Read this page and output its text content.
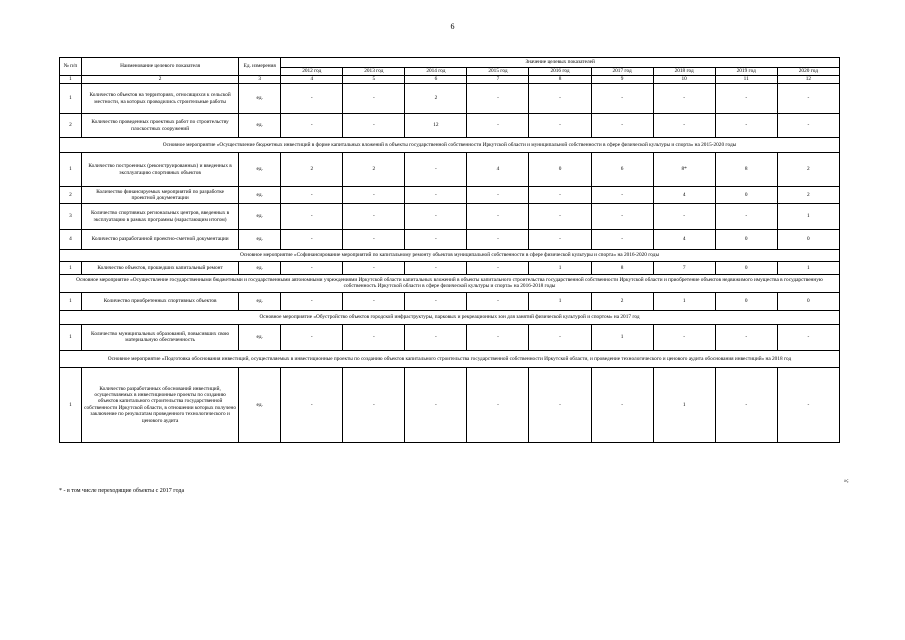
6
№ п/п	Наименование целевого показателя	Ед. измерения	Значение целевых показателей								
			2012 год	2013 год	2014 год	2015 год	2016 год	2017 год	2018 год	2019 год	2020 год
1	2	3	4	5	6	7	8	9	10	11	12
1	Количество объектов на территориях, относящихся к сельской местности, на которых проводились строительные работы	ед.	-	-	2	-	-	-	-	-	-
2	Количество проведенных проектных работ по строительству плоскостных сооружений	ед.	-	-	12	-	-	-	-	-	-
Основное мероприятие «Осуществление бюджетных инвестиций в форме капитальных вложений в объекты государственной собственности Иркутской области и муниципальной собственности в сфере физической культуры и спорта» на 2015-2020 годы											
1	Количество построенных (реконструированных) и введенных в эксплуатацию спортивных объектов	ед.	2	2	-	4	0	6	8*	8	2
2	Количество финансируемых мероприятий по разработке проектной документации	ед.	-	-	-	-	-	-	4	0	2
3	Количество спортивных региональных центров, введенных в эксплуатацию в рамках программы (нарастающим итогом)	ед.	-	-	-	-	-	-	-	-	1
4	Количество разработанной проектно-сметной документации	ед.	-	-	-	-	-	-	4	0	0
Основное мероприятие «Софинансирование мероприятий по капитальному ремонту объектов муниципальной собственности в сфере физической культуры и спорта» на 2016-2020 годы											
1	Количество объектов, прошедших капитальный ремонт	ед.	-	-	-	-	1	8	7	0	1
Основное мероприятие «Осуществление государственными бюджетными и государственными автономными учреждениями Иркутской области капитальных вложений в объекты капитального строительства государственной собственности Иркутской области и приобретение объектов недвижимого имущества в государственную собственность Иркутской области в сфере физической культуры и спорта» на 2016-2018 годы											
1	Количество приобретенных спортивных объектов	ед.	-	-	-	-	1	2	1	0	0
Основное мероприятие «Обустройство объектов городской инфраструктуры, парковых и рекреационных зон для занятий физической культурой и спортом» на 2017 год											
1	Количество муниципальных образований, повысивших свою материальную обеспеченность	ед.	-	-	-	-	-	1	-	-	-
Основное мероприятие «Подготовка обоснования инвестиций, осуществляемых в инвестиционные проекты по созданию объектов капитального строительства государственной собственности Иркутской области, и проведение технологического и ценового аудита обоснования инвестиций» на 2018 год											
1	Количество разработанных обоснований инвестиций, осуществляемых в инвестиционные проекты по созданию объектов капитального строительства государственной собственности Иркутской области, в отношении которых получено заключение по результатам проведенного технологического и ценового аудита	ед.	-	-	-	-	-	-	1	-	-
* - в том числе переходящие объекты с 2017 года
»;
